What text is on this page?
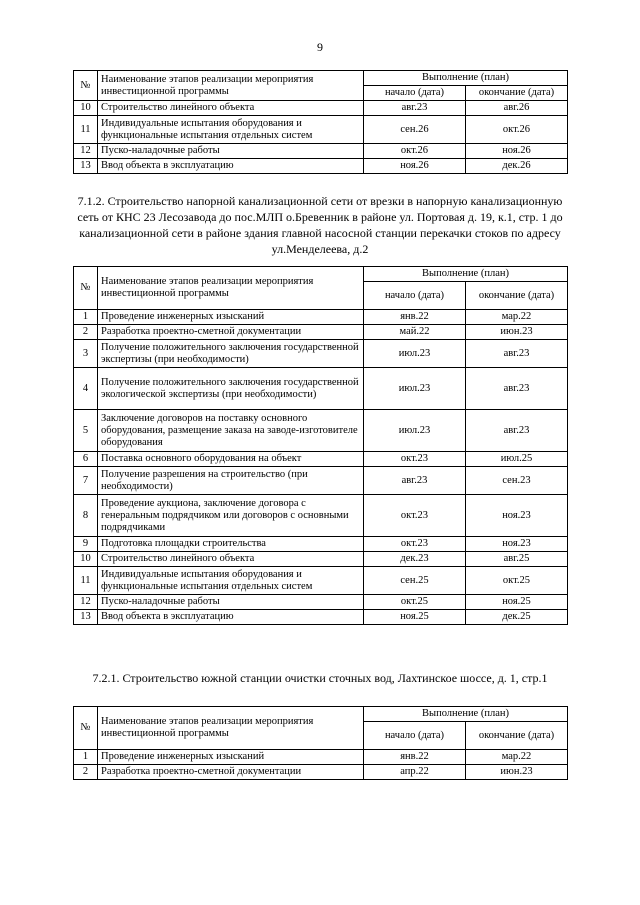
9
№	Наименование этапов реализации мероприятия инвестиционной программы	Выполнение (план)	
		начало (дата)	окончание (дата)
10	Строительство линейного объекта	авг.23	авг.26
11	Индивидуальные испытания оборудования и функциональные испытания отдельных систем	сен.26	окт.26
12	Пуско-наладочные работы	окт.26	ноя.26
13	Ввод объекта в эксплуатацию	ноя.26	дек.26
7.1.2. Строительство напорной канализационной сети от врезки в напорную канализационную сеть от КНС 23 Лесозавода до пос.МЛП о.Бревенник в районе ул. Портовая д. 19, к.1, стр. 1 до канализационной сети в районе здания главной насосной станции перекачки стоков по адресу ул.Менделеева, д.2
№	Наименование этапов реализации мероприятия инвестиционной программы	Выполнение (план)	
		начало (дата)	окончание (дата)
1	Проведение инженерных изысканий	янв.22	мар.22
2	Разработка проектно-сметной документации	май.22	июн.23
3	Получение положительного заключения государственной экспертизы (при необходимости)	июл.23	авг.23
4	Получение положительного заключения государственной экологической экспертизы (при необходимости)	июл.23	авг.23
5	Заключение договоров на поставку основного оборудования, размещение заказа на заводе-изготовителе оборудования	июл.23	авг.23
6	Поставка основного оборудования на объект	окт.23	июл.25
7	Получение разрешения на строительство (при необходимости)	авг.23	сен.23
8	Проведение аукциона, заключение договора с генеральным подрядчиком или договоров с основными подрядчиками	окт.23	ноя.23
9	Подготовка площадки строительства	окт.23	ноя.23
10	Строительство линейного объекта	дек.23	авг.25
11	Индивидуальные испытания оборудования и функциональные испытания отдельных систем	сен.25	окт.25
12	Пуско-наладочные работы	окт.25	ноя.25
13	Ввод объекта в эксплуатацию	ноя.25	дек.25
7.2.1. Строительство южной станции очистки сточных вод, Лахтинское шоссе, д. 1, стр.1
№	Наименование этапов реализации мероприятия инвестиционной программы	Выполнение (план)	
		начало (дата)	окончание (дата)
1	Проведение инженерных изысканий	янв.22	мар.22
2	Разработка проектно-сметной документации	апр.22	июн.23
